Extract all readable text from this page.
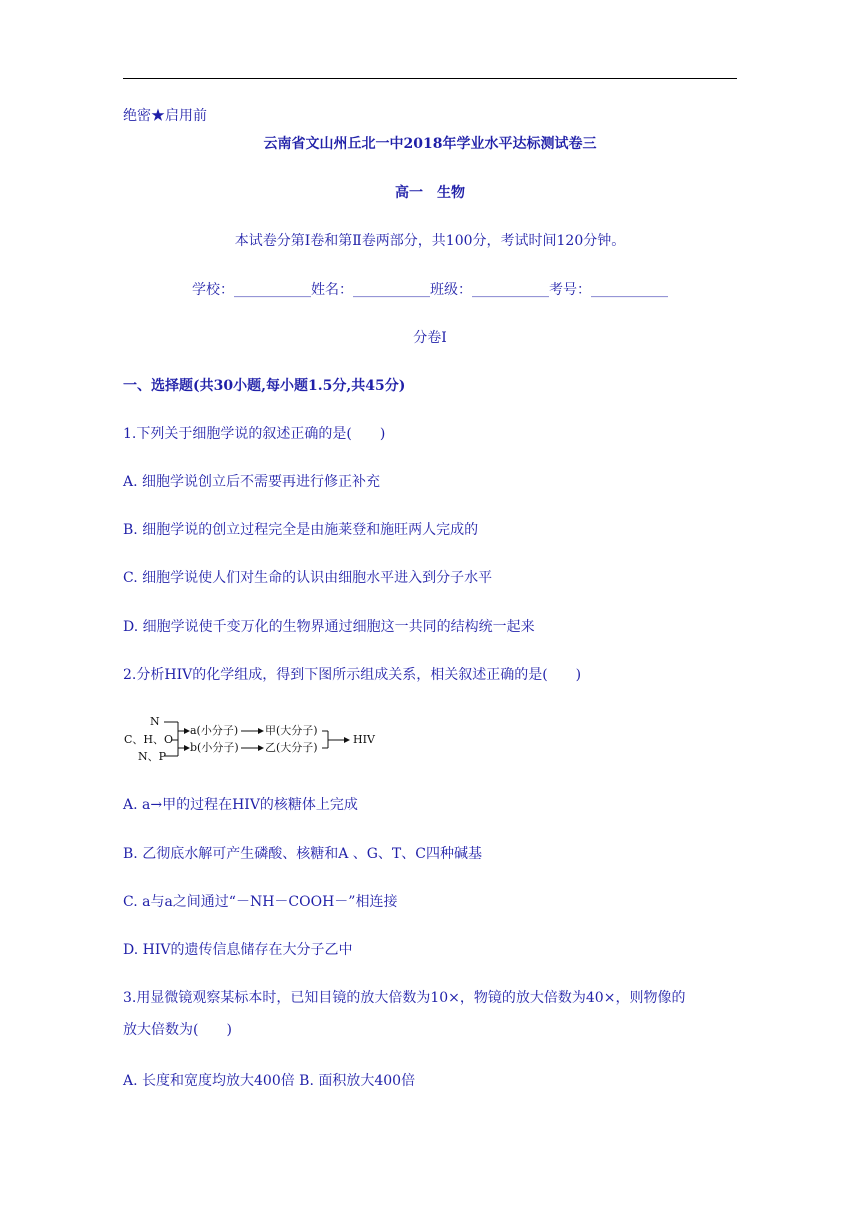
绝密★启用前
云南省文山州丘北一中2018年学业水平达标测试卷三
高一　生物
本试卷分第Ⅰ卷和第Ⅱ卷两部分，共100分，考试时间120分钟。
学校：___________姓名：___________班级：___________考号：___________
分卷I
一、选择题(共30小题,每小题1.5分,共45分)
1.下列关于细胞学说的叙述正确的是(　　)
A. 细胞学说创立后不需要再进行修正补充
B. 细胞学说的创立过程完全是由施莱登和施旺两人完成的
C. 细胞学说使人们对生命的认识由细胞水平进入到分子水平
D. 细胞学说使千变万化的生物界通过细胞这一共同的结构统一起来
2.分析HIV的化学组成，得到下图所示组成关系，相关叙述正确的是(　　)
N
C、H、O
N、P
a(小分子)
b(小分子)
甲(大分子)
乙(大分子)
HIV
A. a→甲的过程在HIV的核糖体上完成
B. 乙彻底水解可产生磷酸、核糖和A 、G、T、C四种碱基
C. a与a之间通过“－NH－COOH－”相连接
D. HIV的遗传信息储存在大分子乙中
3.用显微镜观察某标本时，已知目镜的放大倍数为10×，物镜的放大倍数为40×，则物像的
放大倍数为(　　)
A. 长度和宽度均放大400倍 B. 面积放大400倍
